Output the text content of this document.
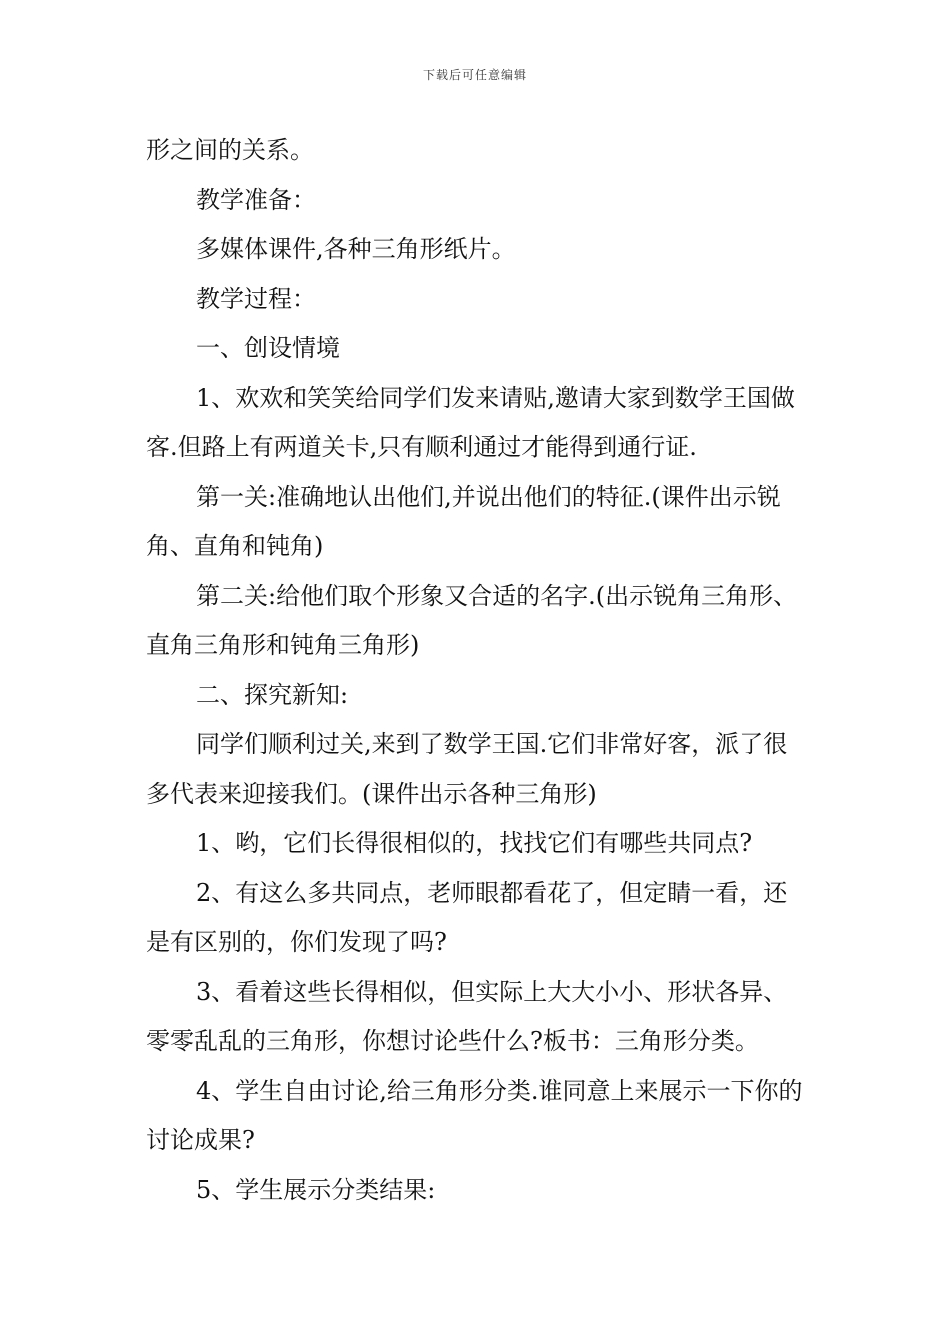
下载后可任意编辑

形之间的关系。

教学准备：

多媒体课件,各种三角形纸片。

教学过程：

一、创设情境

1、欢欢和笑笑给同学们发来请贴,邀请大家到数学王国做客.但路上有两道关卡,只有顺利通过才能得到通行证.

第一关:准确地认出他们,并说出他们的特征.(课件出示锐角、直角和钝角)

第二关:给他们取个形象又合适的名字.(出示锐角三角形、直角三角形和钝角三角形)

二、探究新知:

同学们顺利过关,来到了数学王国.它们非常好客，派了很多代表来迎接我们。(课件出示各种三角形)

1、哟，它们长得很相似的，找找它们有哪些共同点?

2、有这么多共同点，老师眼都看花了，但定睛一看，还是有区别的，你们发现了吗?

3、看着这些长得相似，但实际上大大小小、形状各异、零零乱乱的三角形，你想讨论些什么?板书：三角形分类。

4、学生自由讨论,给三角形分类.谁同意上来展示一下你的讨论成果?

5、学生展示分类结果:
